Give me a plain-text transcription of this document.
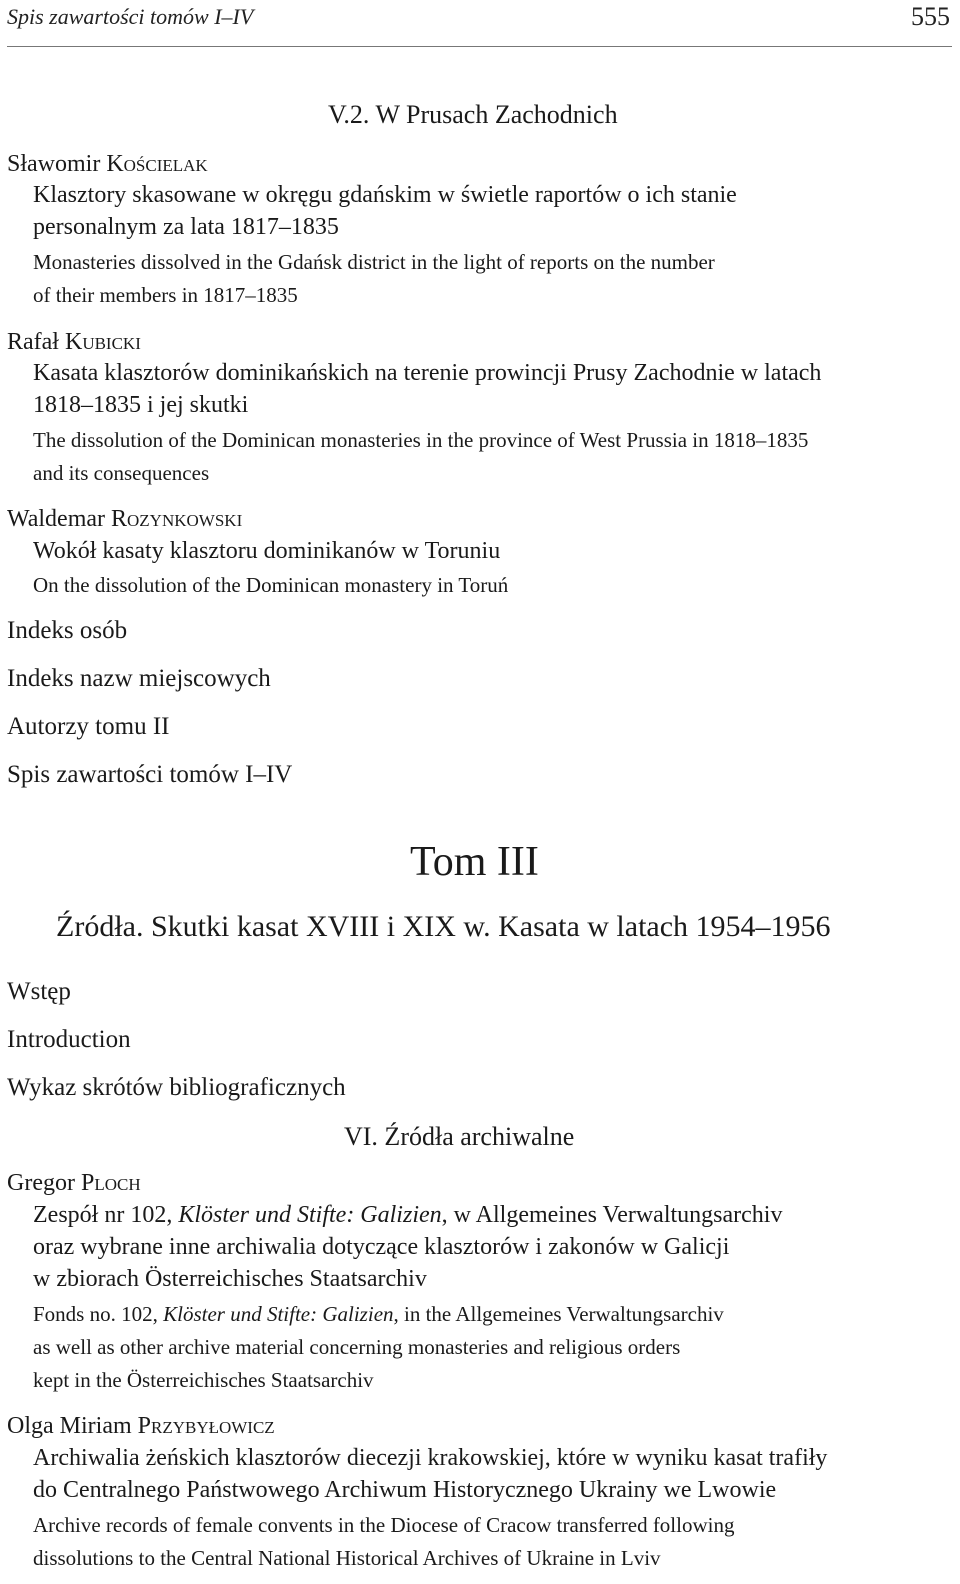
Spis zawartości tomów I–IV	555
V.2. W Prusach Zachodnich
Sławomir Kościelak
Klasztory skasowane w okręgu gdańskim w świetle raportów o ich stanie
personalnym za lata 1817–1835
Monasteries dissolved in the Gdańsk district in the light of reports on the number
of their members in 1817–1835
Rafał Kubicki
Kasata klasztorów dominikańskich na terenie prowincji Prusy Zachodnie w latach
1818–1835 i jej skutki
The dissolution of the Dominican monasteries in the province of West Prussia in 1818–1835
and its consequences
Waldemar Rozynkowski
Wokół kasaty klasztoru dominikanów w Toruniu
On the dissolution of the Dominican monastery in Toruń
Indeks osób
Indeks nazw miejscowych
Autorzy tomu II
Spis zawartości tomów I–IV
Tom III
Źródła. Skutki kasat XVIII i XIX w. Kasata w latach 1954–1956
Wstęp
Introduction
Wykaz skrótów bibliograficznych
VI. Źródła archiwalne
Gregor Ploch
Zespół nr 102, Klöster und Stifte: Galizien, w Allgemeines Verwaltungsarchiv
oraz wybrane inne archiwalia dotyczące klasztorów i zakonów w Galicji
w zbiorach Österreichisches Staatsarchiv
Fonds no. 102, Klöster und Stifte: Galizien, in the Allgemeines Verwaltungsarchiv
as well as other archive material concerning monasteries and religious orders
kept in the Österreichisches Staatsarchiv
Olga Miriam Przybyłowicz
Archiwalia żeńskich klasztorów diecezji krakowskiej, które w wyniku kasat trafiły
do Centralnego Państwowego Archiwum Historycznego Ukrainy we Lwowie
Archive records of female convents in the Diocese of Cracow transferred following
dissolutions to the Central National Historical Archives of Ukraine in Lviv
